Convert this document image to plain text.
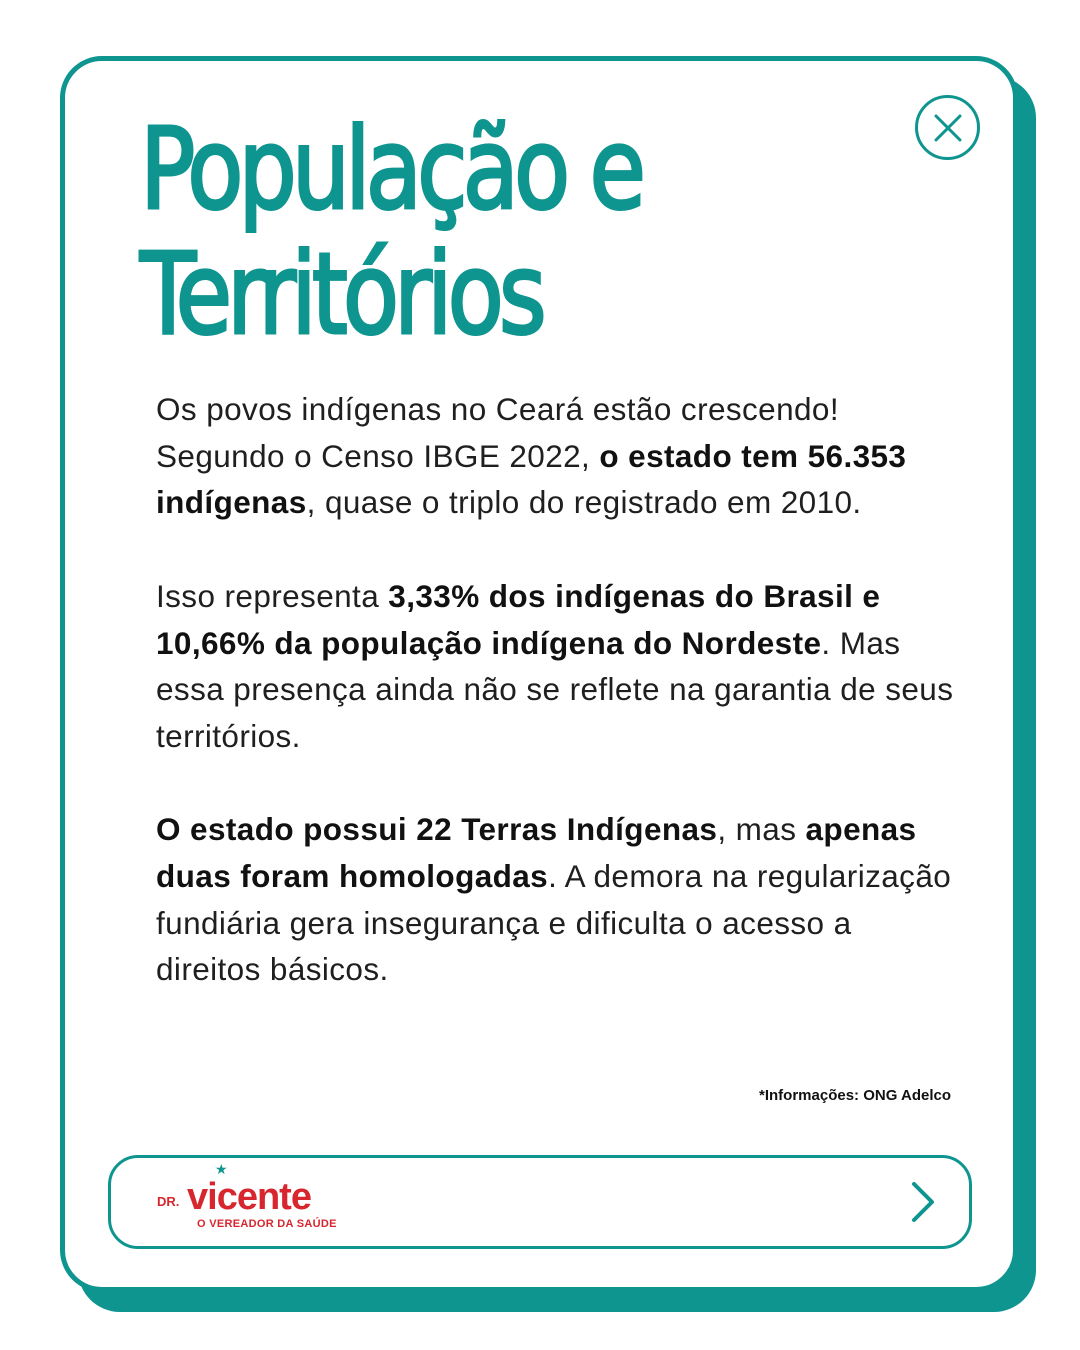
População e
Territórios

Os povos indígenas no Ceará estão crescendo! Segundo o Censo IBGE 2022, o estado tem 56.353 indígenas, quase o triplo do registrado em 2010.

Isso representa 3,33% dos indígenas do Brasil e 10,66% da população indígena do Nordeste. Mas essa presença ainda não se reflete na garantia de seus territórios.

O estado possui 22 Terras Indígenas, mas apenas duas foram homologadas. A demora na regularização fundiária gera insegurança e dificulta o acesso a direitos básicos.

*Informações: ONG Adelco
DR.
★
vicente
O VEREADOR DA SAÚDE
